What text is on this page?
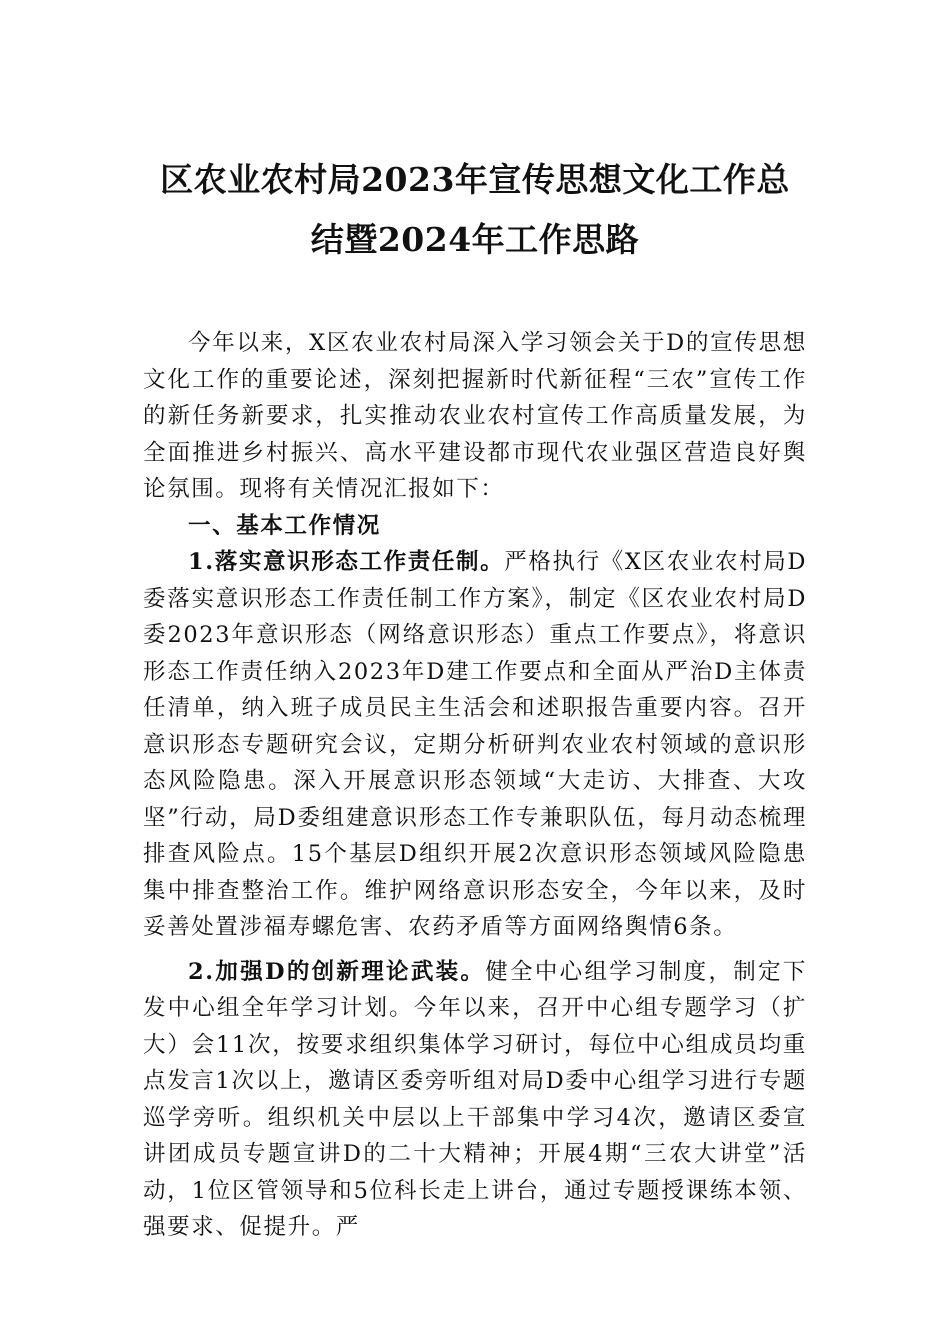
区农业农村局2023年宣传思想文化工作总
结暨2024年工作思路

今年以来，X区农业农村局深入学习领会关于D的宣传思想文化工作的重要论述，深刻把握新时代新征程“三农”宣传工作的新任务新要求，扎实推动农业农村宣传工作高质量发展，为全面推进乡村振兴、高水平建设都市现代农业强区营造良好舆论氛围。现将有关情况汇报如下：

一、基本工作情况

1.落实意识形态工作责任制。严格执行《X区农业农村局D委落实意识形态工作责任制工作方案》，制定《区农业农村局D委2023年意识形态（网络意识形态）重点工作要点》，将意识形态工作责任纳入2023年D建工作要点和全面从严治D主体责任清单，纳入班子成员民主生活会和述职报告重要内容。召开意识形态专题研究会议，定期分析研判农业农村领域的意识形态风险隐患。深入开展意识形态领域“大走访、大排查、大攻坚”行动，局D委组建意识形态工作专兼职队伍，每月动态梳理排查风险点。15个基层D组织开展2次意识形态领域风险隐患集中排查整治工作。维护网络意识形态安全，今年以来，及时妥善处置涉福寿螺危害、农药矛盾等方面网络舆情6条。

2.加强D的创新理论武装。健全中心组学习制度，制定下发中心组全年学习计划。今年以来，召开中心组专题学习（扩大）会11次，按要求组织集体学习研讨，每位中心组成员均重点发言1次以上，邀请区委旁听组对局D委中心组学习进行专题巡学旁听。组织机关中层以上干部集中学习4次，邀请区委宣讲团成员专题宣讲D的二十大精神；开展4期“三农大讲堂”活动，1位区管领导和5位科长走上讲台，通过专题授课练本领、强要求、促提升。严
